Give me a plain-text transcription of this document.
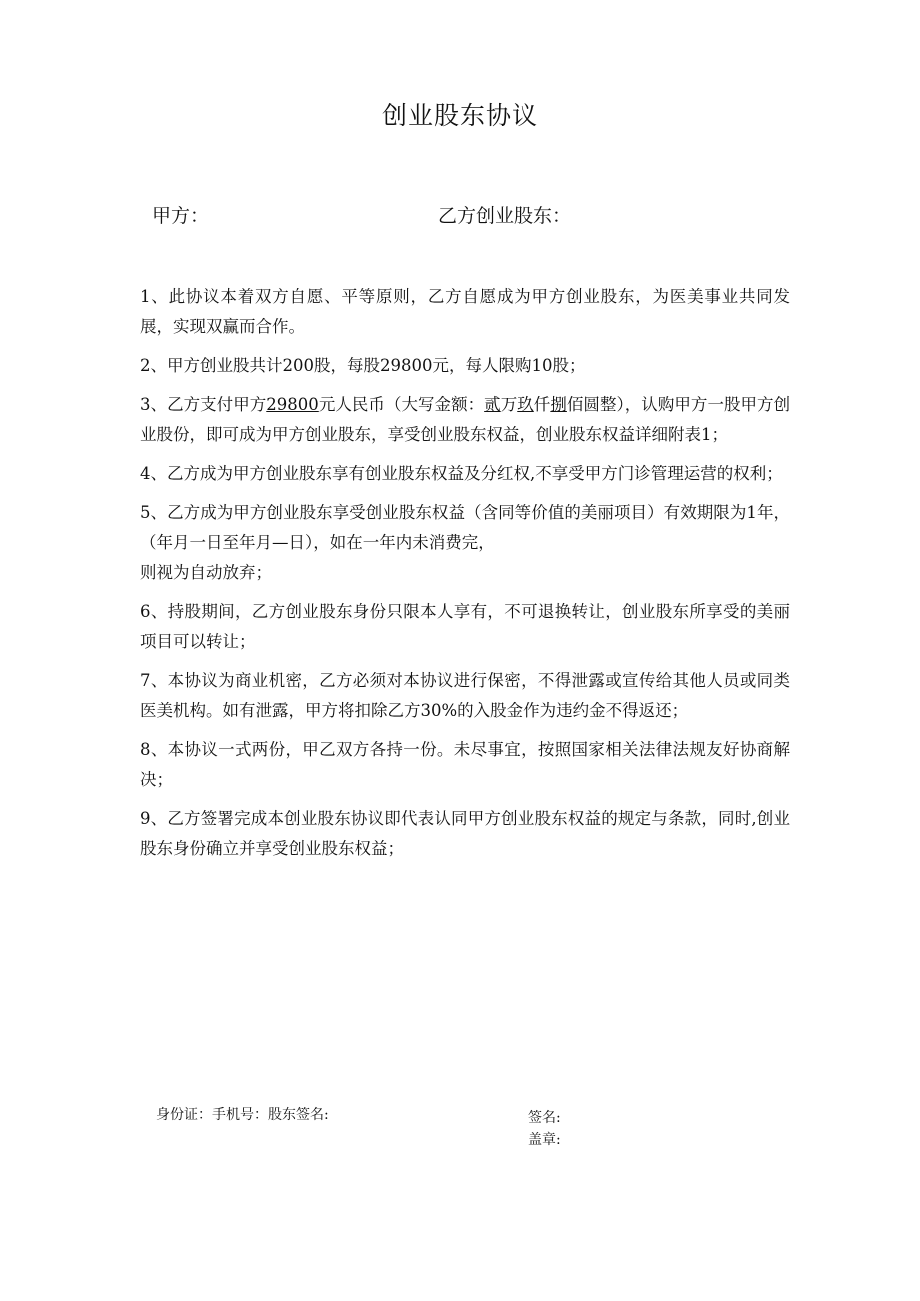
创业股东协议
甲方：	乙方创业股东：

1、此协议本着双方自愿、平等原则，乙方自愿成为甲方创业股东，为医美事业共同发展，实现双赢而合作。

2、甲方创业股共计200股，每股29800元，每人限购10股；

3、乙方支付甲方29800元人民币（大写金额：贰万玖仟捌佰圆整），认购甲方一股甲方创业股份，即可成为甲方创业股东，享受创业股东权益，创业股东权益详细附表1；

4、乙方成为甲方创业股东享有创业股东权益及分红权,不享受甲方门诊管理运营的权利；

5、乙方成为甲方创业股东享受创业股东权益（含同等价值的美丽项目）有效期限为1年，（年月一日至年月—日），如在一年内未消费完，
则视为自动放弃；

6、持股期间，乙方创业股东身份只限本人享有，不可退换转让，创业股东所享受的美丽项目可以转让；

7、本协议为商业机密，乙方必须对本协议进行保密，不得泄露或宣传给其他人员或同类医美机构。如有泄露，甲方将扣除乙方30%的入股金作为违约金不得返还；

8、本协议一式两份，甲乙双方各持一份。未尽事宜，按照国家相关法律法规友好协商解决；

9、乙方签署完成本创业股东协议即代表认同甲方创业股东权益的规定与条款，同时,创业股东身份确立并享受创业股东权益；

身份证：手机号：股东签名:	签名:
盖章:
